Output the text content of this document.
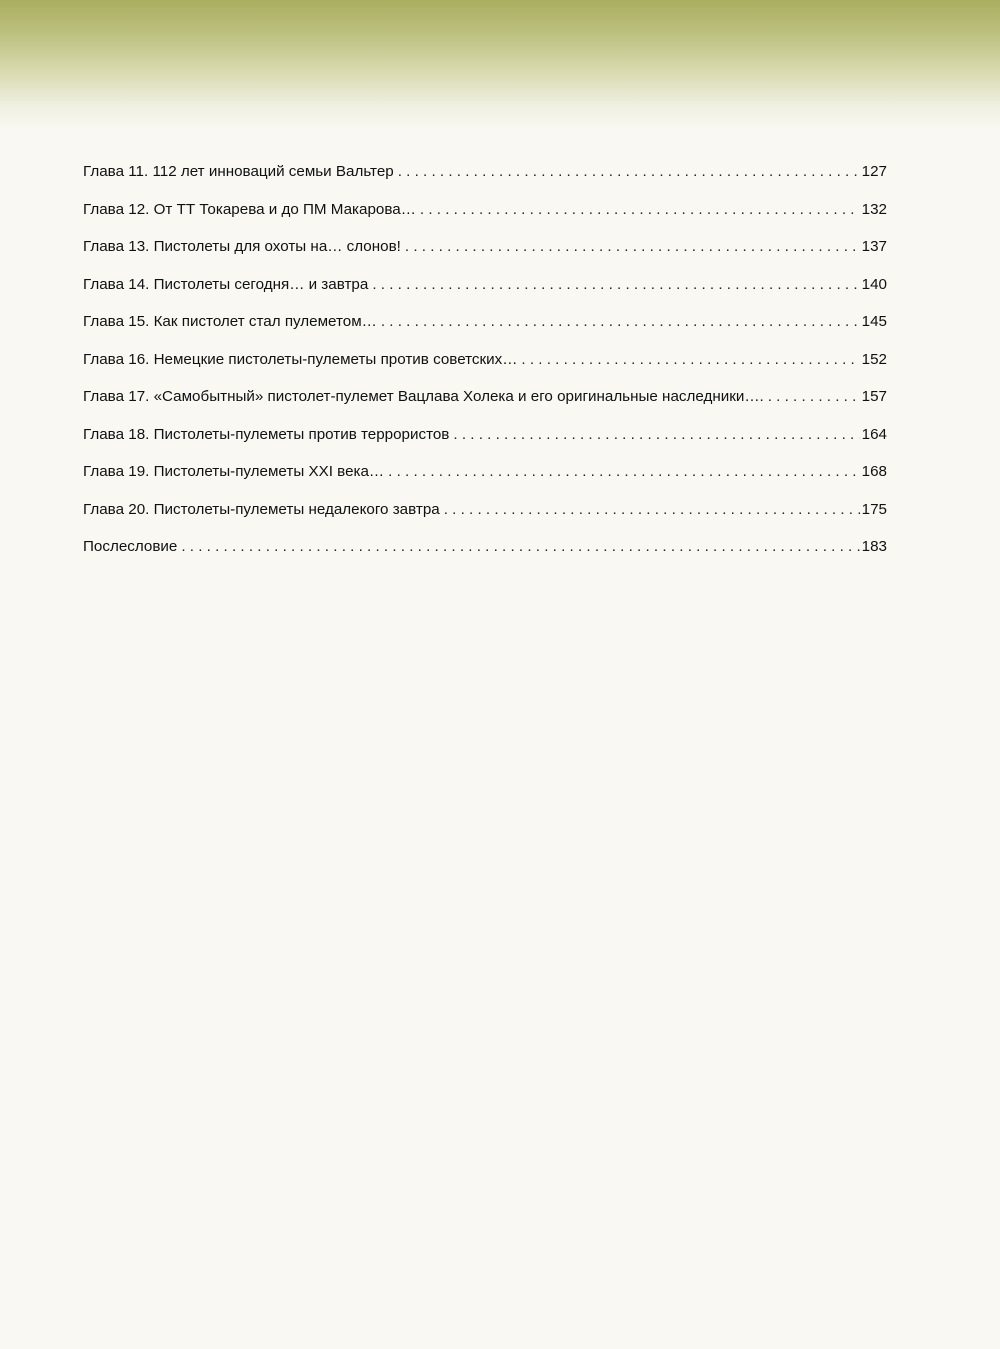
Глава 11. 112 лет инноваций семьи Вальтер . . .	127
Глава 12. От ТТ Токарева и до ПМ Макарова… . . .	132
Глава 13. Пистолеты для охоты на… слонов! . . .	137
Глава 14. Пистолеты сегодня… и завтра . . .	140
Глава 15. Как пистолет стал пулеметом… . . .	145
Глава 16. Немецкие пистолеты-пулеметы против советских… . . .	152
Глава 17. «Самобытный» пистолет-пулемет Вацлава Холека и его оригинальные наследники…. . . .	157
Глава 18. Пистолеты-пулеметы против террористов . . .	164
Глава 19. Пистолеты-пулеметы XXI века… . . .	168
Глава 20. Пистолеты-пулеметы недалекого завтра . . .	175
Послесловие . . .	183
